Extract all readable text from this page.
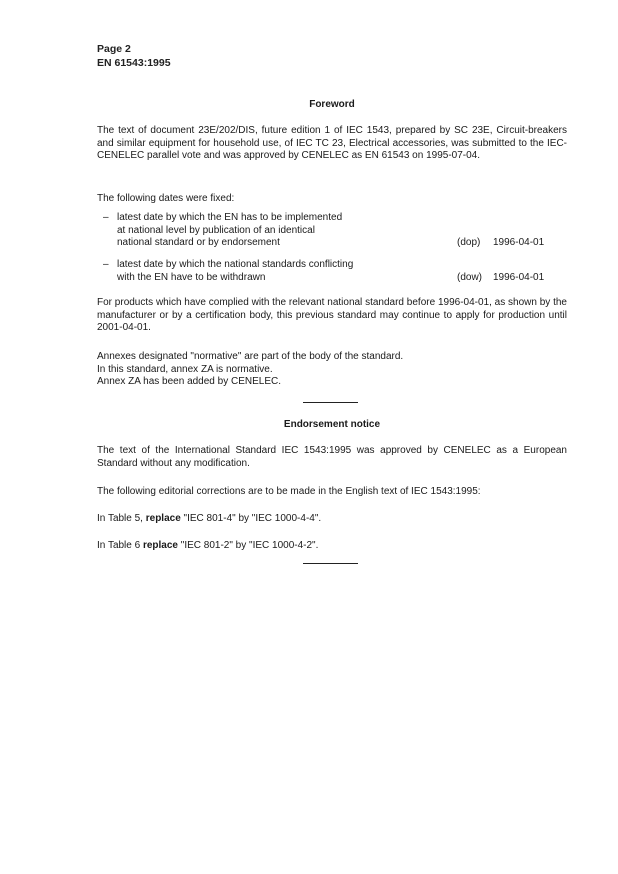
Page 2
EN 61543:1995
Foreword
The text of document 23E/202/DIS, future edition 1 of IEC 1543, prepared by SC 23E, Circuit-breakers and similar equipment for household use, of IEC TC 23, Electrical accessories, was submitted to the IEC-CENELEC parallel vote and was approved by CENELEC as EN 61543 on 1995-07-04.
The following dates were fixed:
– latest date by which the EN has to be implemented
at national level by publication of an identical
national standard or by endorsement	(dop) 1996-04-01
– latest date by which the national standards conflicting
with the EN have to be withdrawn	(dow) 1996-04-01
For products which have complied with the relevant national standard before 1996-04-01, as shown by the manufacturer or by a certification body, this previous standard may continue to apply for production until 2001-04-01.
Annexes designated "normative" are part of the body of the standard.
In this standard, annex ZA is normative.
Annex ZA has been added by CENELEC.
Endorsement notice
The text of the International Standard IEC 1543:1995 was approved by CENELEC as a European Standard without any modification.
The following editorial corrections are to be made in the English text of IEC 1543:1995:
In Table 5, replace "IEC 801-4" by "IEC 1000-4-4".
In Table 6 replace "IEC 801-2" by "IEC 1000-4-2".
